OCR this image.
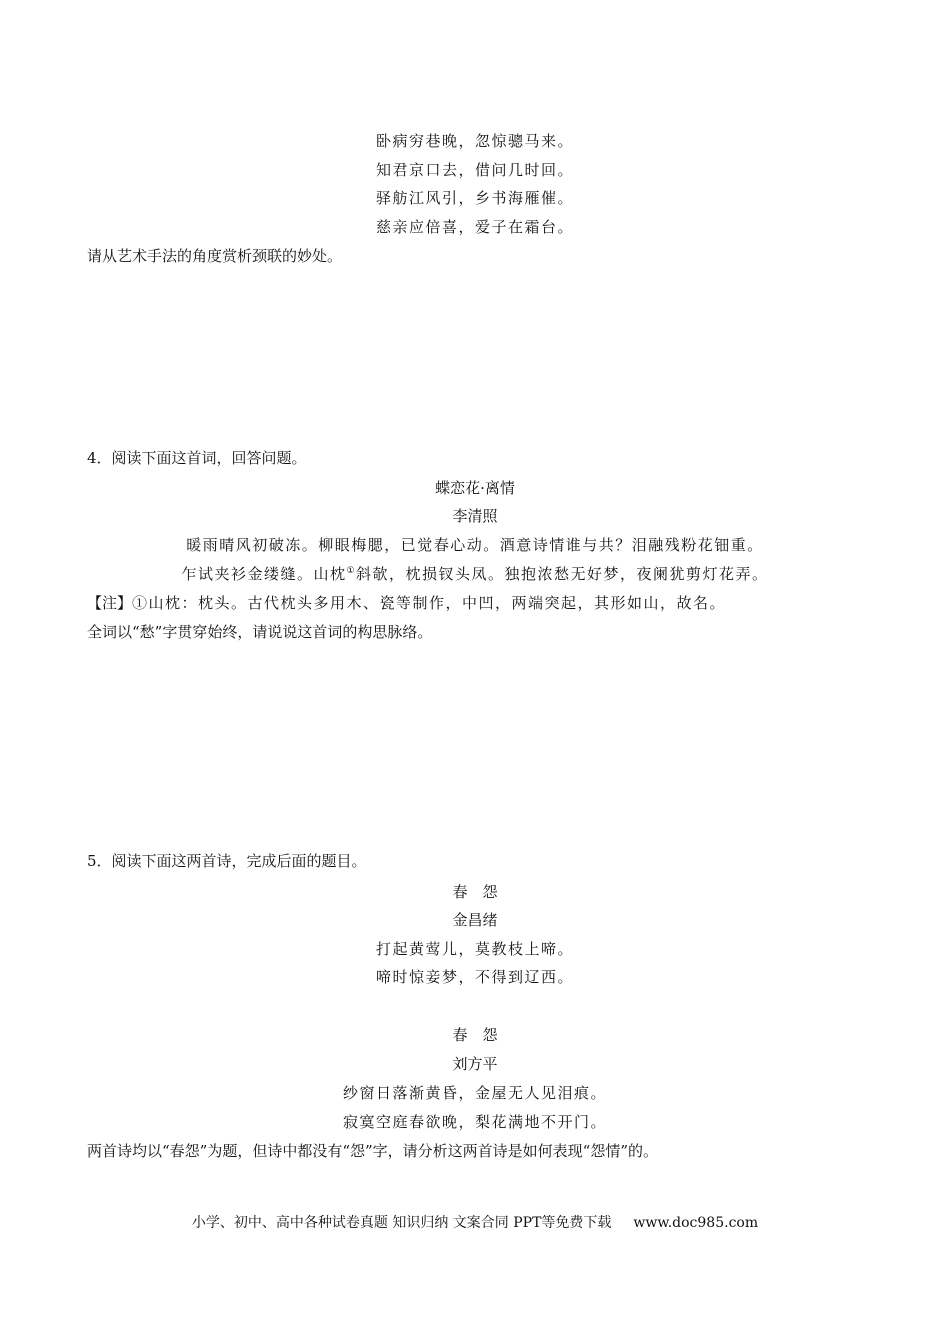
卧病穷巷晚，忽惊骢马来。
知君京口去，借问几时回。
驿舫江风引，乡书海雁催。
慈亲应倍喜，爱子在霜台。
请从艺术手法的角度赏析颈联的妙处。
4．阅读下面这首词，回答问题。
蝶恋花·离情
李清照
暖雨晴风初破冻。柳眼梅腮，已觉春心动。酒意诗情谁与共？泪融残粉花钿重。
乍试夹衫金缕缝。山枕①斜欹，枕损钗头凤。独抱浓愁无好梦，夜阑犹剪灯花弄。
【注】①山枕：枕头。古代枕头多用木、瓷等制作，中凹，两端突起，其形如山，故名。
全词以“愁”字贯穿始终，请说说这首词的构思脉络。
5．阅读下面这两首诗，完成后面的题目。
春　怨
金昌绪
打起黄莺儿，莫教枝上啼。
啼时惊妾梦，不得到辽西。
春　怨
刘方平
纱窗日落渐黄昏，金屋无人见泪痕。
寂寞空庭春欲晚，梨花满地不开门。
两首诗均以“春怨”为题，但诗中都没有“怨”字，请分析这两首诗是如何表现“怨情”的。
小学、初中、高中各种试卷真题 知识归纳 文案合同 PPT等免费下载 www.doc985.com
